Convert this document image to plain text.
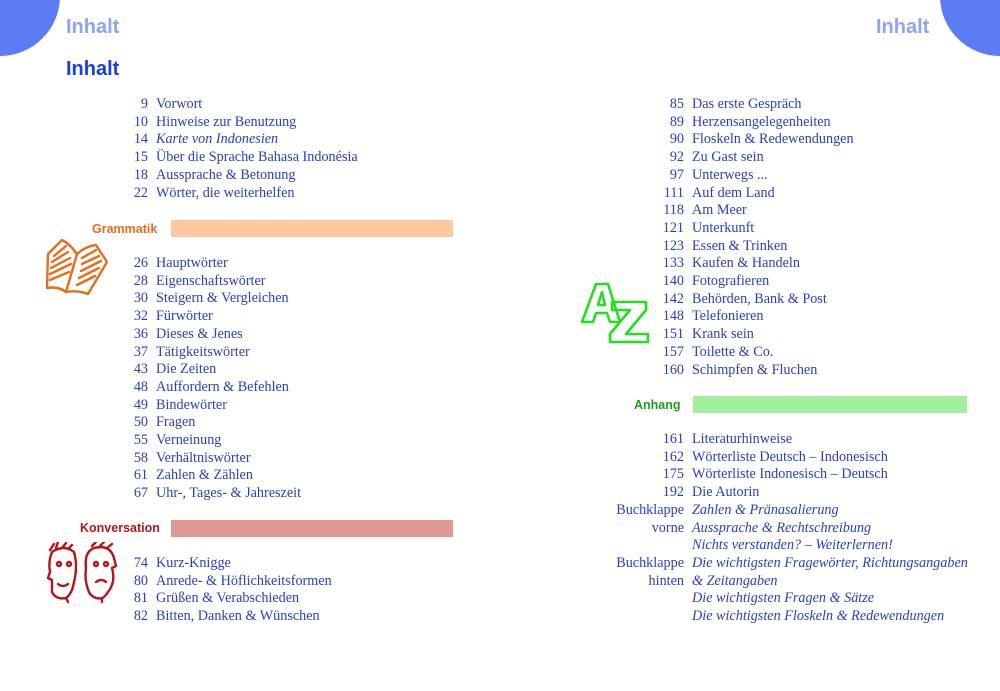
Inhalt	Inhalt
Inhalt
9 Vorwort
10 Hinweise zur Benutzung
14 Karte von Indonesien
15 Über die Sprache Bahasa Indonésia
18 Aussprache & Betonung
22 Wörter, die weiterhelfen
Grammatik
26 Hauptwörter
28 Eigenschaftswörter
30 Steigern & Vergleichen
32 Fürwörter
36 Dieses & Jenes
37 Tätigkeitswörter
43 Die Zeiten
48 Auffordern & Befehlen
49 Bindewörter
50 Fragen
55 Verneinung
58 Verhältniswörter
61 Zahlen & Zählen
67 Uhr-, Tages- & Jahreszeit
Konversation
74 Kurz-Knigge
80 Anrede- & Höflichkeitsformen
81 Grüßen & Verabschieden
82 Bitten, Danken & Wünschen
85 Das erste Gespräch
89 Herzensangelegenheiten
90 Floskeln & Redewendungen
92 Zu Gast sein
97 Unterwegs ...
111 Auf dem Land
118 Am Meer
121 Unterkunft
123 Essen & Trinken
133 Kaufen & Handeln
140 Fotografieren
142 Behörden, Bank & Post
148 Telefonieren
151 Krank sein
157 Toilette & Co.
160 Schimpfen & Fluchen
Anhang
161 Literaturhinweise
162 Wörterliste Deutsch – Indonesisch
175 Wörterliste Indonesisch – Deutsch
192 Die Autorin
Buchklappe Zahlen & Pränasalierung
vorne Aussprache & Rechtschreibung
Nichts verstanden? – Weiterlernen!
Buchklappe Die wichtigsten Fragewörter, Richtungsangaben
hinten & Zeitangaben
Die wichtigsten Fragen & Sätze
Die wichtigsten Floskeln & Redewendungen
